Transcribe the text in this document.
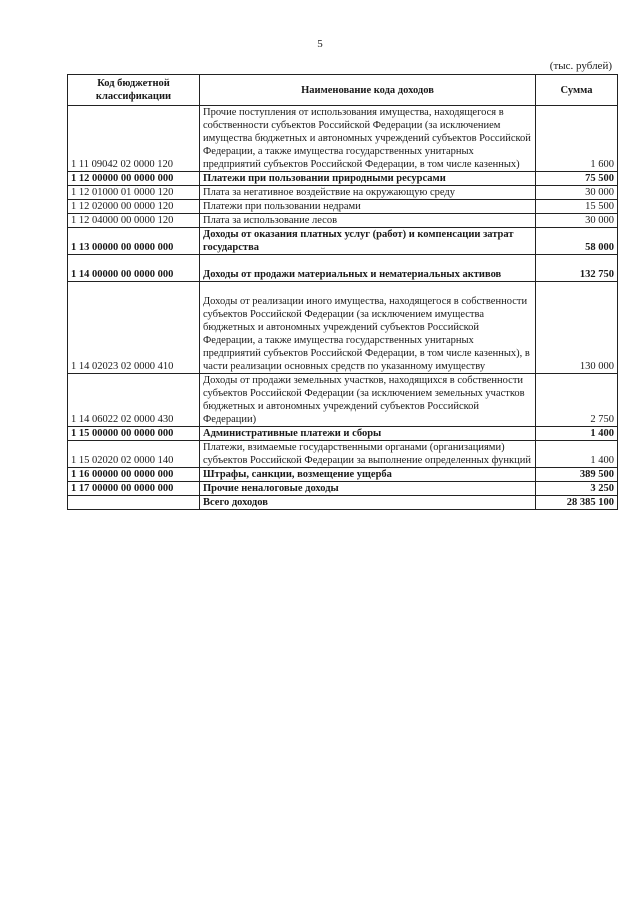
5
(тыс. рублей)
Код бюджетной классификации	Наименование кода доходов	Сумма
1 11 09042 02 0000 120	Прочие поступления от использования имущества, находящегося в собственности субъектов Российской Федерации (за исключением имущества бюджетных и автономных учреждений субъектов Российской Федерации, а также имущества государственных унитарных предприятий субъектов Российской Федерации, в том числе казенных)	1 600
1 12 00000 00 0000 000	Платежи при пользовании природными ресурсами	75 500
1 12 01000 01 0000 120	Плата за негативное воздействие на окружающую среду	30 000
1 12 02000 00 0000 120	Платежи при пользовании недрами	15 500
1 12 04000 00 0000 120	Плата за использование лесов	30 000
1 13 00000 00 0000 000	Доходы от оказания платных услуг (работ) и компенсации затрат государства	58 000
1 14 00000 00 0000 000	Доходы от продажи материальных и нематериальных активов	132 750
1 14 02023 02 0000 410	Доходы от реализации иного имущества, находящегося в собственности субъектов Российской Федерации (за исключением имущества бюджетных и автономных учреждений субъектов Российской Федерации, а также имущества государственных унитарных предприятий субъектов Российской Федерации, в том числе казенных), в части реализации основных средств по указанному имуществу	130 000
1 14 06022 02 0000 430	Доходы от продажи земельных участков, находящихся в собственности субъектов Российской Федерации (за исключением земельных участков бюджетных и автономных учреждений субъектов Российской Федерации)	2 750
1 15 00000 00 0000 000	Административные платежи и сборы	1 400
1 15 02020 02 0000 140	Платежи, взимаемые государственными органами (организациями) субъектов Российской Федерации за выполнение определенных функций	1 400
1 16 00000 00 0000 000	Штрафы, санкции, возмещение ущерба	389 500
1 17 00000 00 0000 000	Прочие неналоговые доходы	3 250
	Всего доходов	28 385 100
